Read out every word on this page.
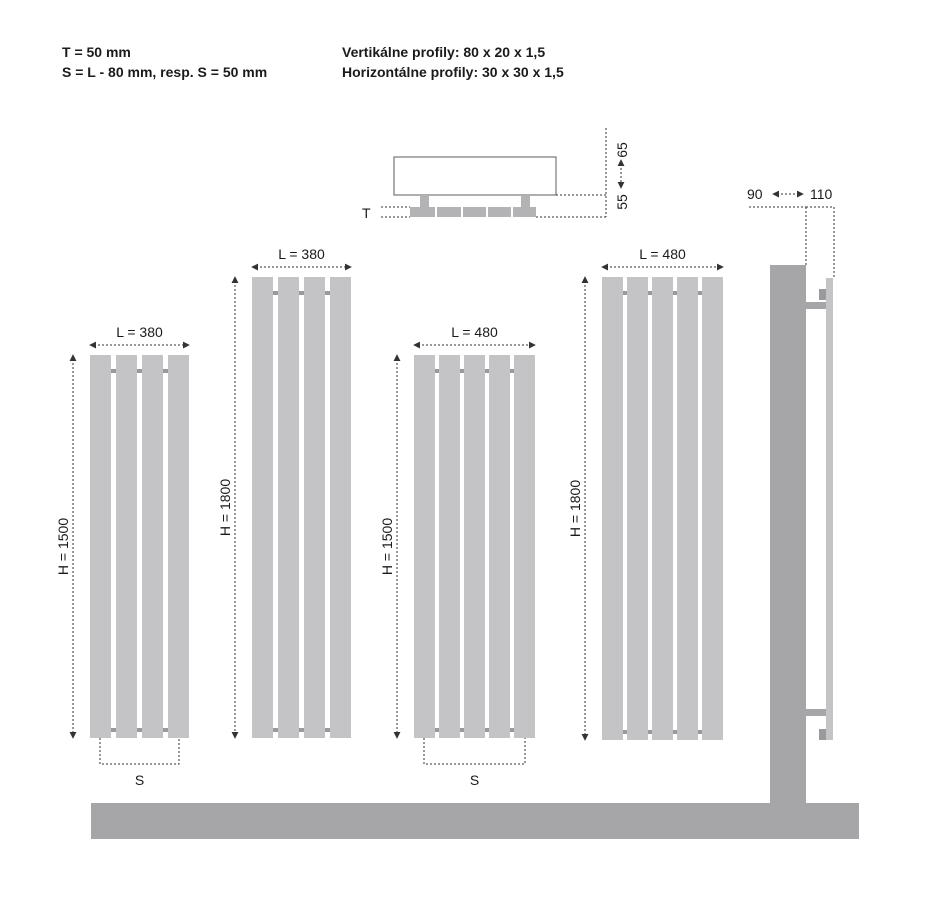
T = 50 mm
S = L - 80 mm, resp. S = 50 mm
Vertikálne profily: 80 x 20 x 1,5
Horizontálne profily: 30 x 30 x 1,5
T
65
55	90	110
L = 380
H = 1500
S
L = 380
H = 1800
L = 480
H = 1500
S
L = 480
H = 1800
